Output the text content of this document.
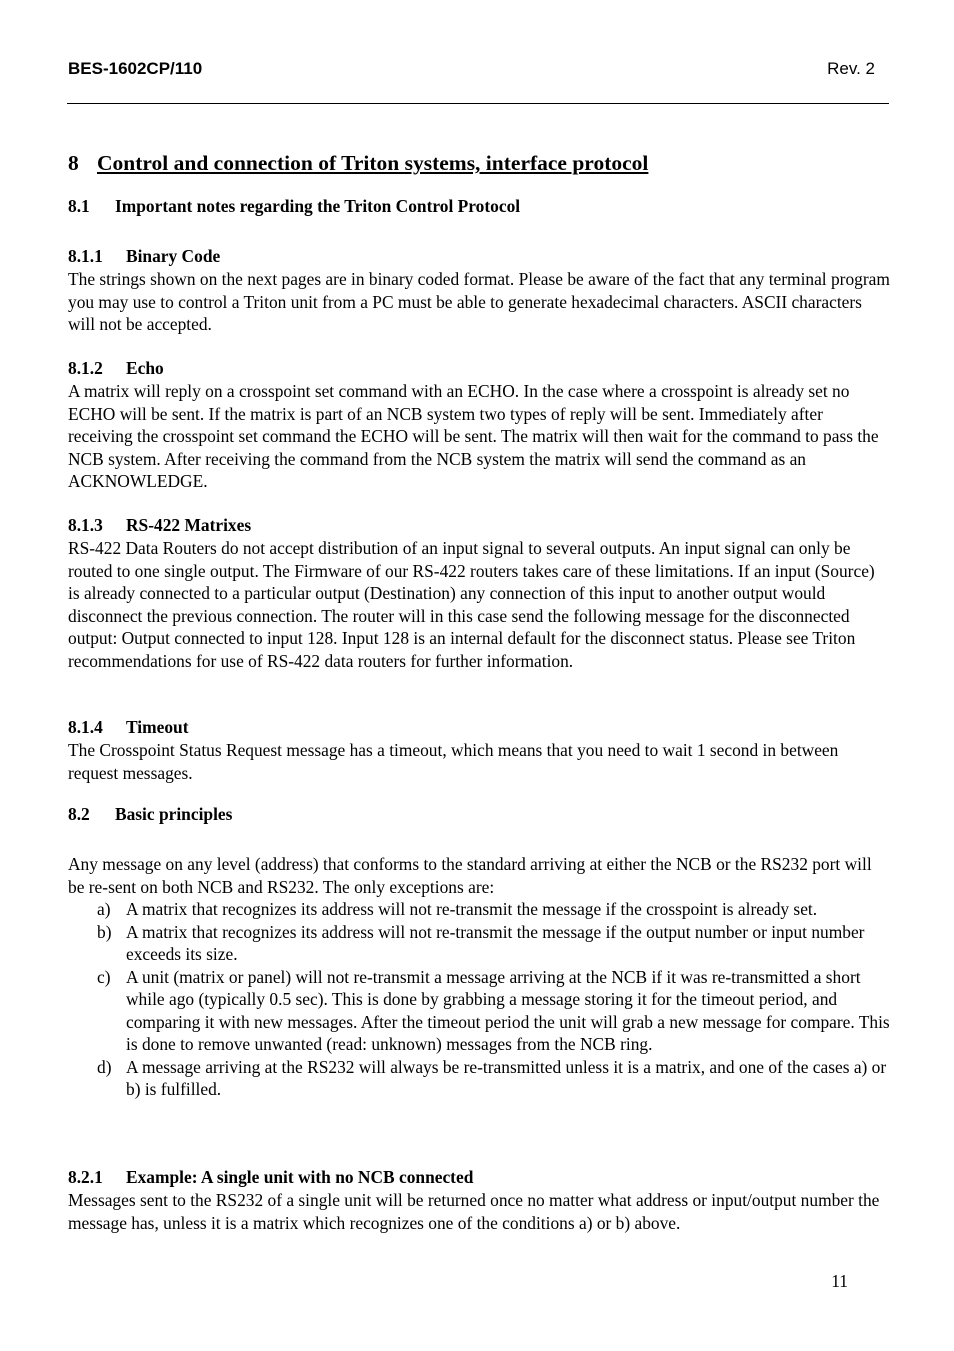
BES-1602CP/110	Rev. 2
8 Control and connection of Triton systems, interface protocol
8.1 Important notes regarding the Triton Control Protocol
8.1.1 Binary Code
The strings shown on the next pages are in binary coded format. Please be aware of the fact that any terminal program you may use to control a Triton unit from a PC must be able to generate hexadecimal characters. ASCII characters will not be accepted.
8.1.2 Echo
A matrix will reply on a crosspoint set command with an ECHO. In the case where a crosspoint is already set no ECHO will be sent. If the matrix is part of an NCB system two types of reply will be sent. Immediately after receiving the crosspoint set command the ECHO will be sent. The matrix will then wait for the command to pass the NCB system. After receiving the command from the NCB system the matrix will send the command as an ACKNOWLEDGE.
8.1.3 RS-422 Matrixes
RS-422 Data Routers do not accept distribution of an input signal to several outputs. An input signal can only be routed to one single output. The Firmware of our RS-422 routers takes care of these limitations. If an input (Source) is already connected to a particular output (Destination) any connection of this input to another output would disconnect the previous connection. The router will in this case send the following message for the disconnected output: Output connected to input 128. Input 128 is an internal default for the disconnect status. Please see Triton recommendations for use of RS-422 data routers for further information.
8.1.4 Timeout
The Crosspoint Status Request message has a timeout, which means that you need to wait 1 second in between request messages.
8.2 Basic principles
Any message on any level (address) that conforms to the standard arriving at either the NCB or the RS232 port will be re-sent on both NCB and RS232. The only exceptions are:
a) A matrix that recognizes its address will not re-transmit the message if the crosspoint is already set.
b) A matrix that recognizes its address will not re-transmit the message if the output number or input number exceeds its size.
c) A unit (matrix or panel) will not re-transmit a message arriving at the NCB if it was re-transmitted a short while ago (typically 0.5 sec). This is done by grabbing a message storing it for the timeout period, and comparing it with new messages. After the timeout period the unit will grab a new message for compare. This is done to remove unwanted (read: unknown) messages from the NCB ring.
d) A message arriving at the RS232 will always be re-transmitted unless it is a matrix, and one of the cases a) or b) is fulfilled.
8.2.1 Example: A single unit with no NCB connected
Messages sent to the RS232 of a single unit will be returned once no matter what address or input/output number the message has, unless it is a matrix which recognizes one of the conditions a) or b) above.
11
